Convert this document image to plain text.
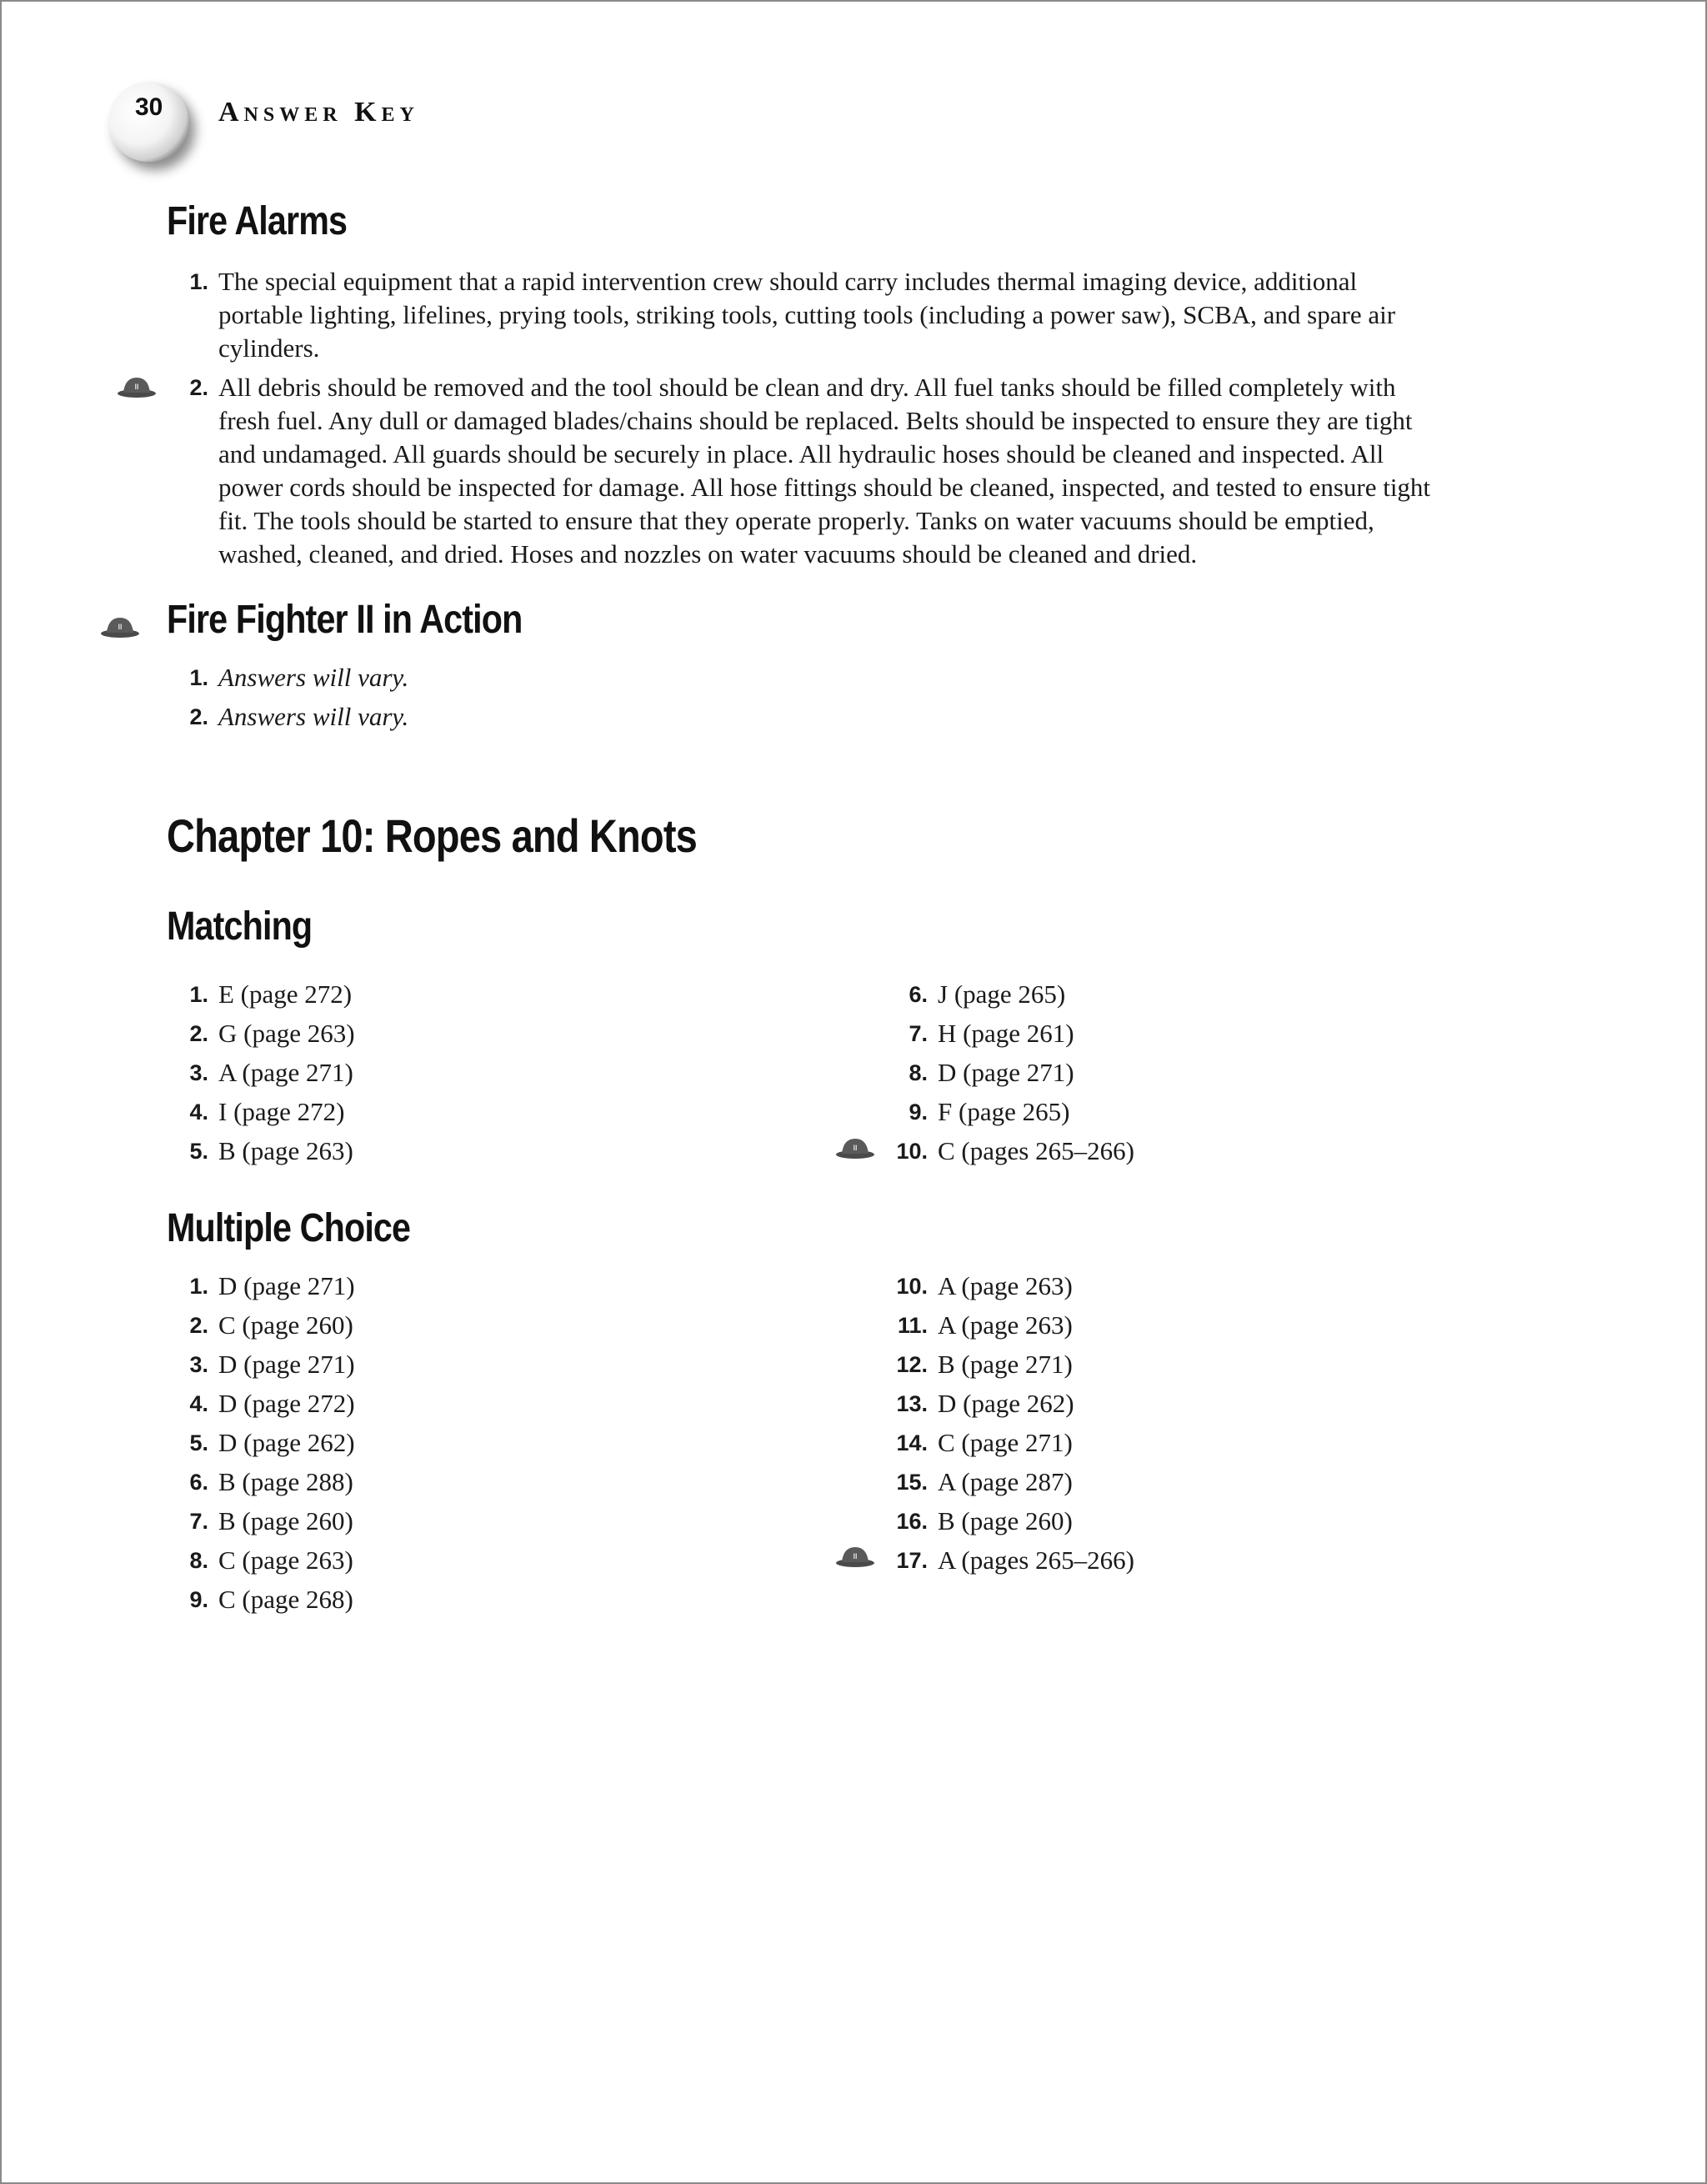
30 Answer Key
Fire Alarms
1. The special equipment that a rapid intervention crew should carry includes thermal imaging device, additional
portable lighting, lifelines, prying tools, striking tools, cutting tools (including a power saw), SCBA, and spare air
cylinders.
II	2. All debris should be removed and the tool should be clean and dry. All fuel tanks should be filled completely with
fresh fuel. Any dull or damaged blades/chains should be replaced. Belts should be inspected to ensure they are tight
and undamaged. All guards should be securely in place. All hydraulic hoses should be cleaned and inspected. All
power cords should be inspected for damage. All hose fittings should be cleaned, inspected, and tested to ensure tight
fit. The tools should be started to ensure that they operate properly. Tanks on water vacuums should be emptied,
washed, cleaned, and dried. Hoses and nozzles on water vacuums should be cleaned and dried.
II Fire Fighter II in Action
1. Answers will vary.
2. Answers will vary.
Chapter 10: Ropes and Knots
Matching
1. E (page 272)
2. G (page 263)
3. A (page 271)
4. I (page 272)
5. B (page 263)
6. J (page 265)
7. H (page 261)
8. D (page 271)
9. F (page 265)
10. C (pages 265–266)
II
Multiple Choice
1. D (page 271)
2. C (page 260)
3. D (page 271)
4. D (page 272)
5. D (page 262)
6. B (page 288)
7. B (page 260)
8. C (page 263)
9. C (page 268)
10. A (page 263)
11. A (page 263)
12. B (page 271)
13. D (page 262)
14. C (page 271)
15. A (page 287)
16. B (page 260)
17. A (pages 265–266)
II
